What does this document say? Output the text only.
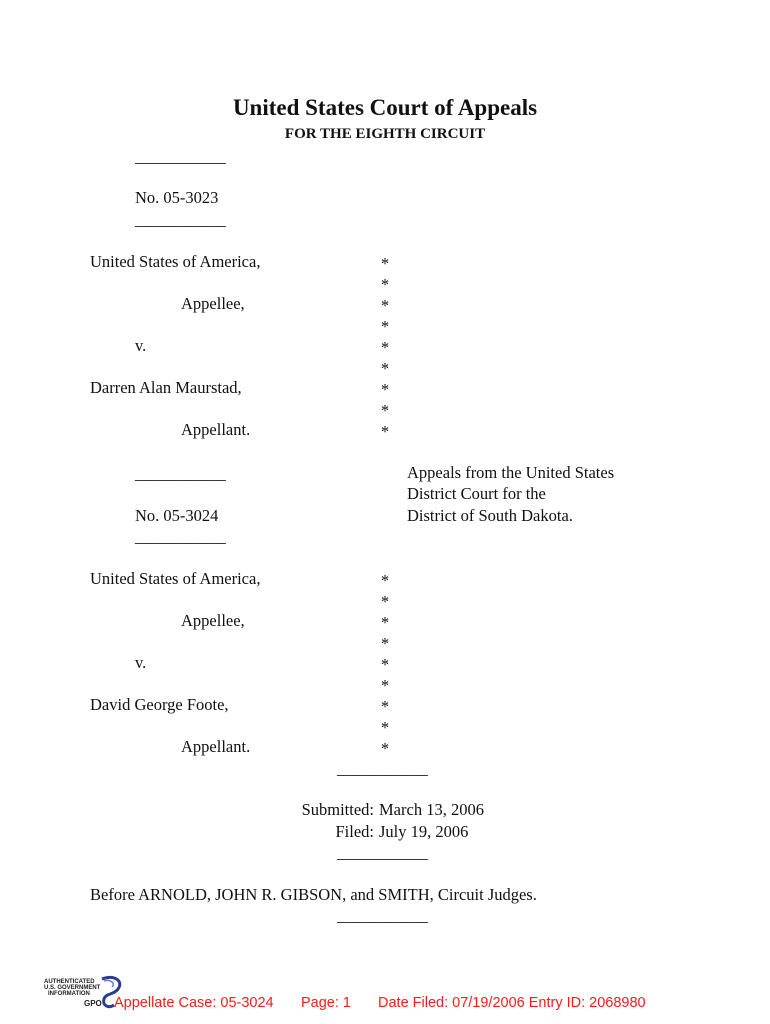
United States Court of Appeals
FOR THE EIGHTH CIRCUIT
___________
No. 05-3023
___________
United States of America,
Appellee,
v.
Darren Alan Maurstad,
Appellant.
*
*
*
*
*
*
*
*
*
Appeals from the United States
District Court for the
District of South Dakota.
___________
No. 05-3024
___________
United States of America,
Appellee,
v.
David George Foote,
Appellant.
*
*
*
*
*
*
*
*
*
___________
Submitted: March 13, 2006
Filed: July 19, 2006
___________
Before ARNOLD, JOHN R. GIBSON, and SMITH, Circuit Judges.
___________
AUTHENTICATED
U.S. GOVERNMENT
INFORMATION
GPO Appellate Case: 05-3024 Page: 1 Date Filed: 07/19/2006 Entry ID: 2068980
